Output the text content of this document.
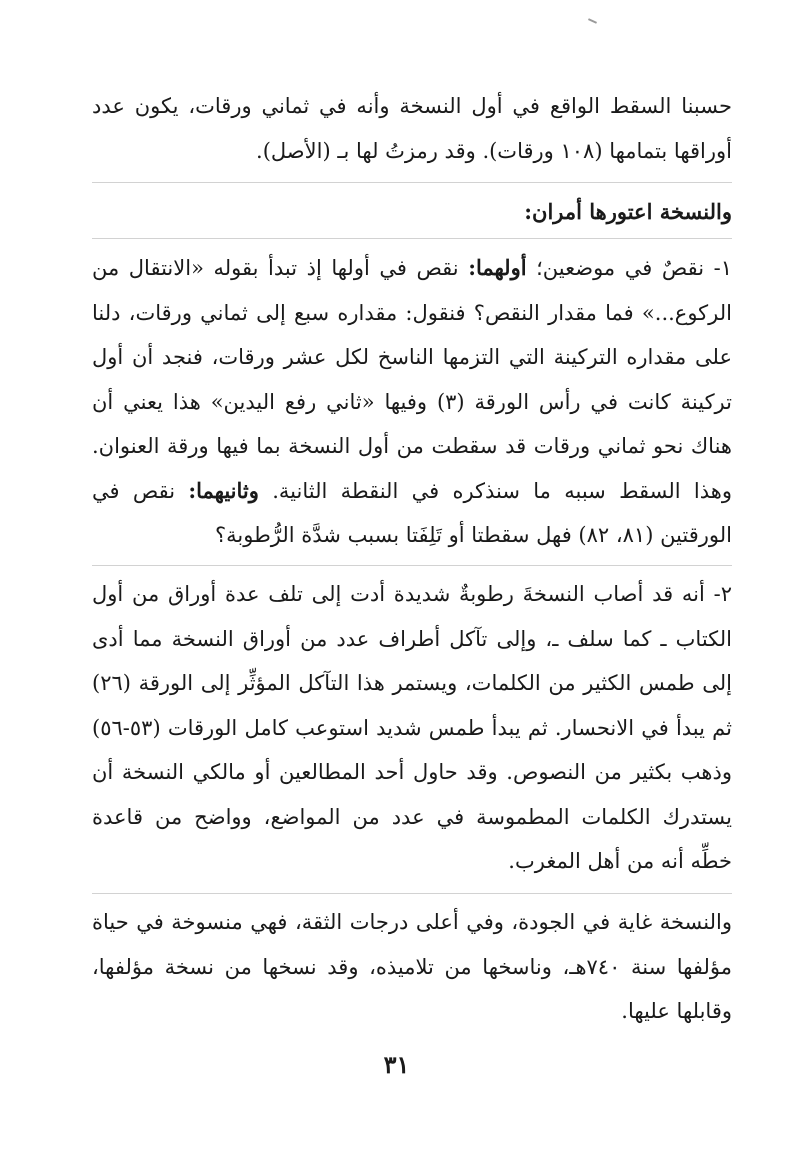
حسبنا السقط الواقع في أول النسخة وأنه في ثماني ورقات، يكون عدد أوراقها بتمامها (١٠٨ ورقات). وقد رمزتُ لها بـ (الأصل).

والنسخة اعتورها أمران:

١- نقصٌ في موضعين؛ أولهما: نقص في أولها إذ تبدأ بقوله «الانتقال من الركوع...» فما مقدار النقص؟ فنقول: مقداره سبع إلى ثماني ورقات، دلنا على مقداره التركينة التي التزمها الناسخ لكل عشر ورقات، فنجد أن أول تركينة كانت في رأس الورقة (٣) وفيها «ثاني رفع اليدين» هذا يعني أن هناك نحو ثماني ورقات قد سقطت من أول النسخة بما فيها ورقة العنوان. وهذا السقط سببه ما سنذكره في النقطة الثانية. وثانيهما: نقص في الورقتين (٨١، ٨٢) فهل سقطتا أو تَلِفَتا بسبب شدَّة الرُّطوبة؟

٢- أنه قد أصاب النسخةَ رطوبةٌ شديدة أدت إلى تلف عدة أوراق من أول الكتاب ـ كما سلف ـ، وإلى تآكل أطراف عدد من أوراق النسخة مما أدى إلى طمس الكثير من الكلمات، ويستمر هذا التآكل المؤثِّر إلى الورقة (٢٦) ثم يبدأ في الانحسار. ثم يبدأ طمس شديد استوعب كامل الورقات (٥٣-٥٦) وذهب بكثير من النصوص. وقد حاول أحد المطالعين أو مالكي النسخة أن يستدرك الكلمات المطموسة في عدد من المواضع، وواضح من قاعدة خطِّه أنه من أهل المغرب.

والنسخة غاية في الجودة، وفي أعلى درجات الثقة، فهي منسوخة في حياة مؤلفها سنة ٧٤٠هـ، وناسخها من تلاميذه، وقد نسخها من نسخة مؤلفها، وقابلها عليها.

٣١
